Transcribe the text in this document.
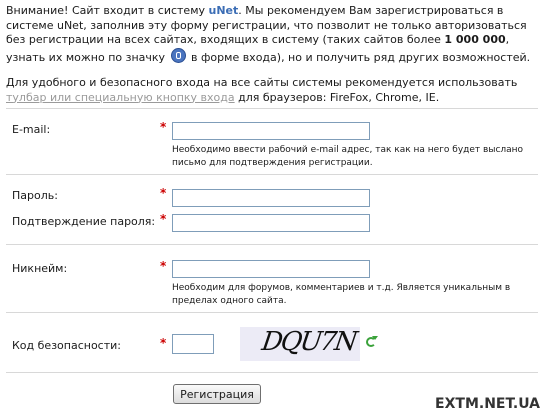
Внимание! Сайт входит в систему uNet. Мы рекомендуем Вам зарегистрироваться в системе uNet, заполнив эту форму регистрации, что позволит не только авторизоваться без регистрации на всех сайтах, входящих в систему (таких сайтов более 1 000 000, узнать их можно по значку  в форме входа), но и получить ряд других возможностей.

Для удобного и безопасного входа на все сайты системы рекомендуется использовать тулбар или специальную кнопку входа для браузеров: FireFox, Chrome, IE.

E-mail:	*
Необходимо ввести рабочий e-mail адрес, так как на него будет выслано письмо для подтверждения регистрации.
Пароль:	*
Подтверждение пароля: *
Никнейм:	*
Необходим для форумов, комментариев и т.д. Является уникальным в пределах одного сайта.
Код безопасности:	*	DQU7N
Регистрация
EXTM.NET.UA
